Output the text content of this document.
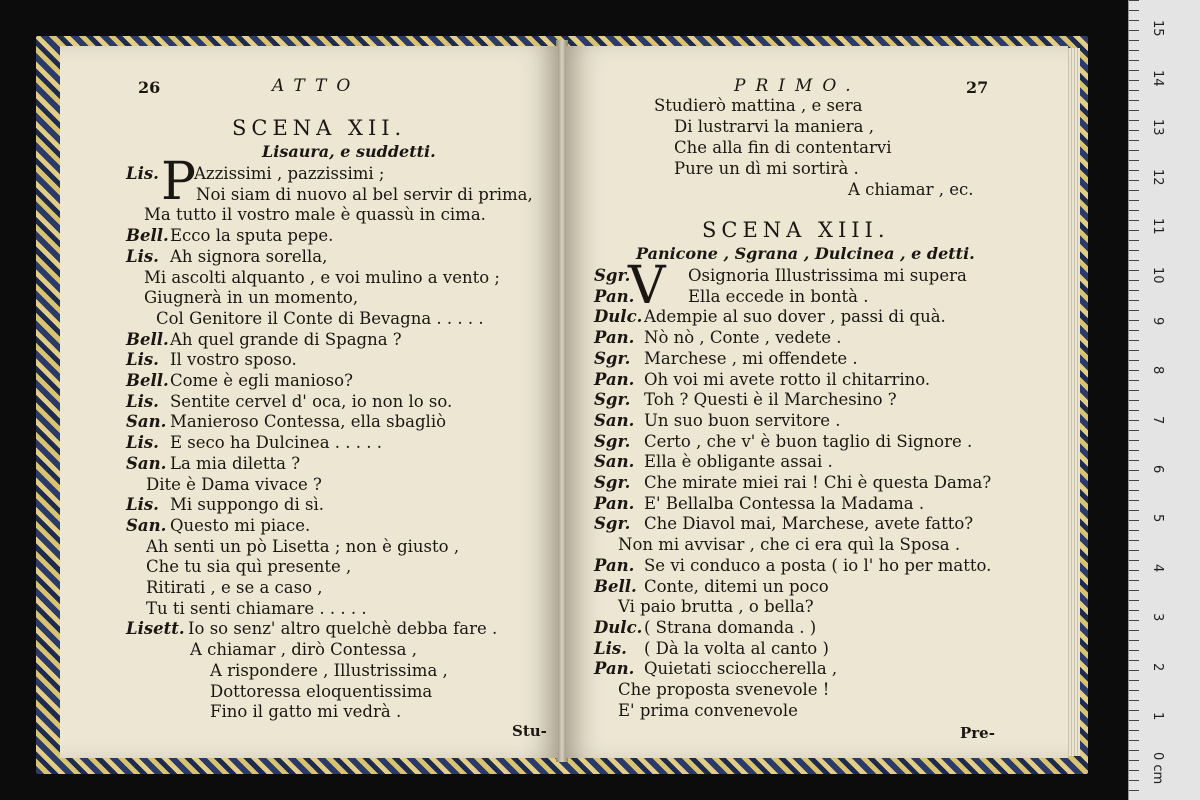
26	ATTO
SCENA XII.
Lisaura, e suddetti.
P
Lis. Azzissimi , pazzissimi ;
Noi siam di nuovo al bel servir di prima,
Ma tutto il vostro male è quassù in cima.
Bell. Ecco la sputa pepe.
Lis. Ah signora sorella,
Mi ascolti alquanto , e voi mulino a vento ;
Giugnerà in un momento,
Col Genitore il Conte di Bevagna . . . . .
Bell. Ah quel grande di Spagna ?
Lis. Il vostro sposo.
Bell. Come è egli manioso?
Lis. Sentite cervel d' oca, io non lo so.
San. Manieroso Contessa, ella sbagliò
Lis. E seco ha Dulcinea . . . . .
San. La mia diletta ?
Dite è Dama vivace ?
Lis. Mi suppongo di sì.
San. Questo mi piace.
Ah senti un pò Lisetta ; non è giusto ,
Che tu sia quì presente ,
Ritirati , e se a caso ,
Tu ti senti chiamare . . . . .
Lisett. Io so senz' altro quelchè debba fare .
A chiamar , dirò Contessa ,
A rispondere , Illustrissima ,
Dottoressa eloquentissima
Fino il gatto mi vedrà .
Stu-
PRIMO.	27
Studierò mattina , e sera
Di lustrarvi la maniera ,
Che alla fin di contentarvi
Pure un dì mi sortirà .
A chiamar , ec.
SCENA XIII.
Panicone , Sgrana , Dulcinea , e detti.
V
Sgr.	Osignoria Illustrissima mi supera
Pan.	Ella eccede in bontà .
Dulc. Adempie al suo dover , passi di quà.
Pan. Nò nò , Conte , vedete .
Sgr. Marchese , mi offendete .
Pan. Oh voi mi avete rotto il chitarrino.
Sgr. Toh ? Questi è il Marchesino ?
San. Un suo buon servitore .
Sgr. Certo , che v' è buon taglio di Signore .
San. Ella è obligante assai .
Sgr. Che mirate miei rai ! Chi è questa Dama?
Pan. E' Bellalba Contessa la Madama .
Sgr. Che Diavol mai, Marchese, avete fatto?
Non mi avvisar , che ci era quì la Sposa .
Pan. Se vi conduco a posta ( io l' ho per matto.
Bell. Conte, ditemi un poco
Vi paio brutta , o bella?
Dulc. ( Strana domanda . )
Lis. ( Dà la volta al canto )
Pan. Quietati scioccherella ,
Che proposta svenevole !
E' prima convenevole
Pre-
0 cm
1
2
3
4
5
6
7
8
9
10
11
12
13
14
15
